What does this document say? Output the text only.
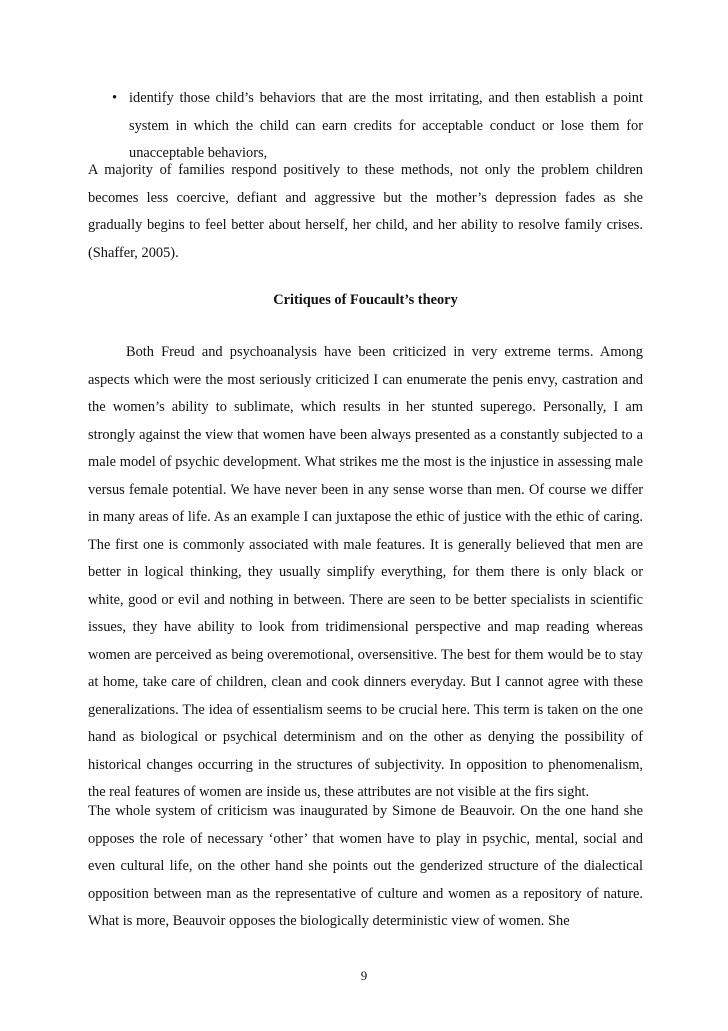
• identify those child’s behaviors that are the most irritating, and then establish a point system in which the child can earn credits for acceptable conduct or lose them for unacceptable behaviors,
A majority of families respond positively to these methods, not only the problem children becomes less coercive, defiant and aggressive but the mother’s depression fades as she gradually begins to feel better about herself, her child, and her ability to resolve family crises. (Shaffer, 2005).
Critiques of Foucault’s theory
Both Freud and psychoanalysis have been criticized in very extreme terms. Among aspects which were the most seriously criticized I can enumerate the penis envy, castration and the women’s ability to sublimate, which results in her stunted superego. Personally, I am strongly against the view that women have been always presented as a constantly subjected to a male model of psychic development. What strikes me the most is the injustice in assessing male versus female potential. We have never been in any sense worse than men. Of course we differ in many areas of life. As an example I can juxtapose the ethic of justice with the ethic of caring. The first one is commonly associated with male features. It is generally believed that men are better in logical thinking, they usually simplify everything, for them there is only black or white, good or evil and nothing in between. There are seen to be better specialists in scientific issues, they have ability to look from tridimensional perspective and map reading whereas women are perceived as being overemotional, oversensitive. The best for them would be to stay at home, take care of children, clean and cook dinners everyday. But I cannot agree with these generalizations. The idea of essentialism seems to be crucial here. This term is taken on the one hand as biological or psychical determinism and on the other as denying the possibility of historical changes occurring in the structures of subjectivity. In opposition to phenomenalism, the real features of women are inside us, these attributes are not visible at the firs sight.
The whole system of criticism was inaugurated by Simone de Beauvoir. On the one hand she opposes the role of necessary ‘other’ that women have to play in psychic, mental, social and even cultural life, on the other hand she points out the genderized structure of the dialectical opposition between man as the representative of culture and women as a repository of nature. What is more, Beauvoir opposes the biologically deterministic view of women. She
9
